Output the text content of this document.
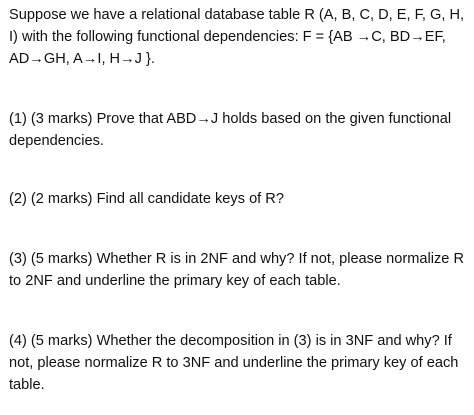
Suppose we have a relational database table R (A, B, C, D, E, F, G, H,
I) with the following functional dependencies: F = {AB →C, BD→EF,
AD→GH, A→I, H→J }.

(1) (3 marks) Prove that ABD→J holds based on the given functional
dependencies.

(2) (2 marks) Find all candidate keys of R?

(3) (5 marks) Whether R is in 2NF and why? If not, please normalize R
to 2NF and underline the primary key of each table.

(4) (5 marks) Whether the decomposition in (3) is in 3NF and why? If
not, please normalize R to 3NF and underline the primary key of each
table.
